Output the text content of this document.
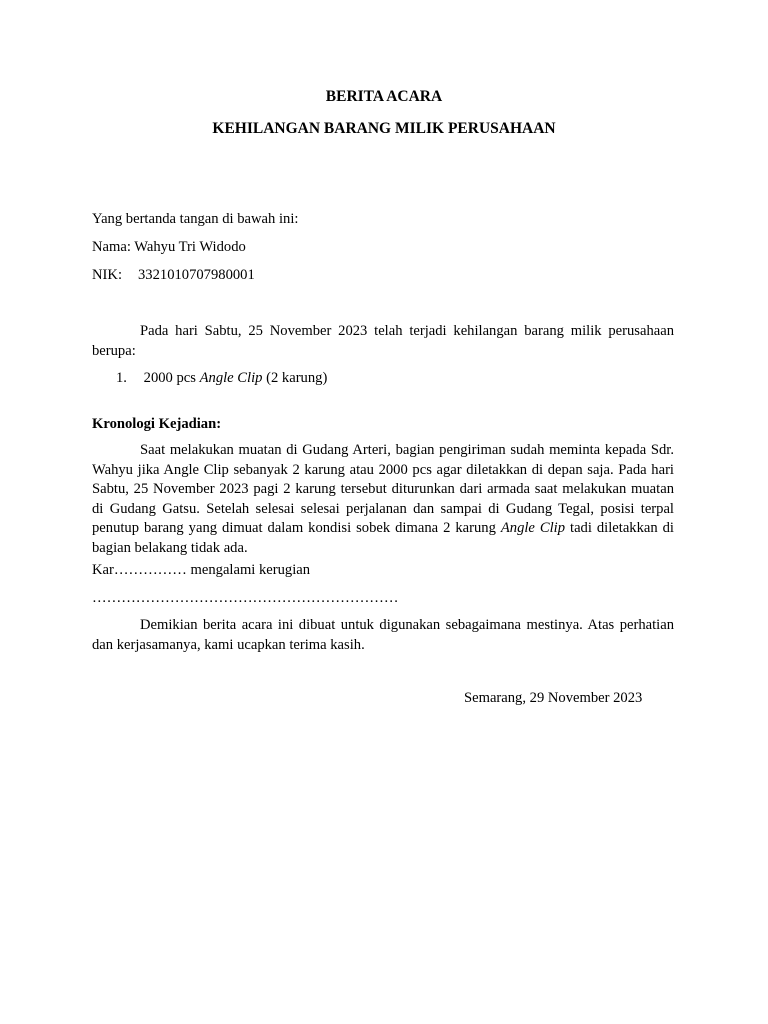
BERITA ACARA
KEHILANGAN BARANG MILIK PERUSAHAAN
Yang bertanda tangan di bawah ini:
Nama: Wahyu Tri Widodo
NIK: 3321010707980001
Pada hari Sabtu, 25 November 2023 telah terjadi kehilangan barang milik perusahaan berupa:
1. 2000 pcs Angle Clip (2 karung)
Kronologi Kejadian:
Saat melakukan muatan di Gudang Arteri, bagian pengiriman sudah meminta kepada Sdr. Wahyu jika Angle Clip sebanyak 2 karung atau 2000 pcs agar diletakkan di depan saja. Pada hari Sabtu, 25 November 2023 pagi 2 karung tersebut diturunkan dari armada saat melakukan muatan di Gudang Gatsu. Setelah selesai selesai perjalanan dan sampai di Gudang Tegal, posisi terpal penutup barang yang dimuat dalam kondisi sobek dimana 2 karung Angle Clip tadi diletakkan di bagian belakang tidak ada.
Kar…………… mengalami kerugian
………………………………………………………
Demikian berita acara ini dibuat untuk digunakan sebagaimana mestinya. Atas perhatian dan kerjasamanya, kami ucapkan terima kasih.
Semarang, 29 November 2023
